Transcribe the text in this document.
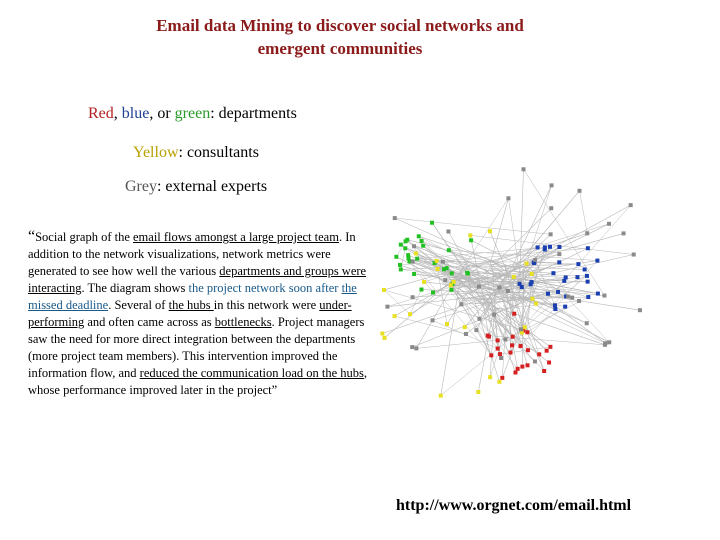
Email data Mining to discover social networks and
emergent communities
Red, blue, or green: departments
Yellow: consultants
Grey: external experts
“Social graph of the email flows amongst a large project team. In addition to the network visualizations, network metrics were generated to see how well the various departments and groups were interacting. The diagram shows the project network soon after the missed deadline. Several of the hubs in this network were under-performing and often came across as bottlenecks. Project managers saw the need for more direct integration between the departments (more project team members). This intervention improved the information flow, and reduced the communication load on the hubs, whose performance improved later in the project”
http://www.orgnet.com/email.html
